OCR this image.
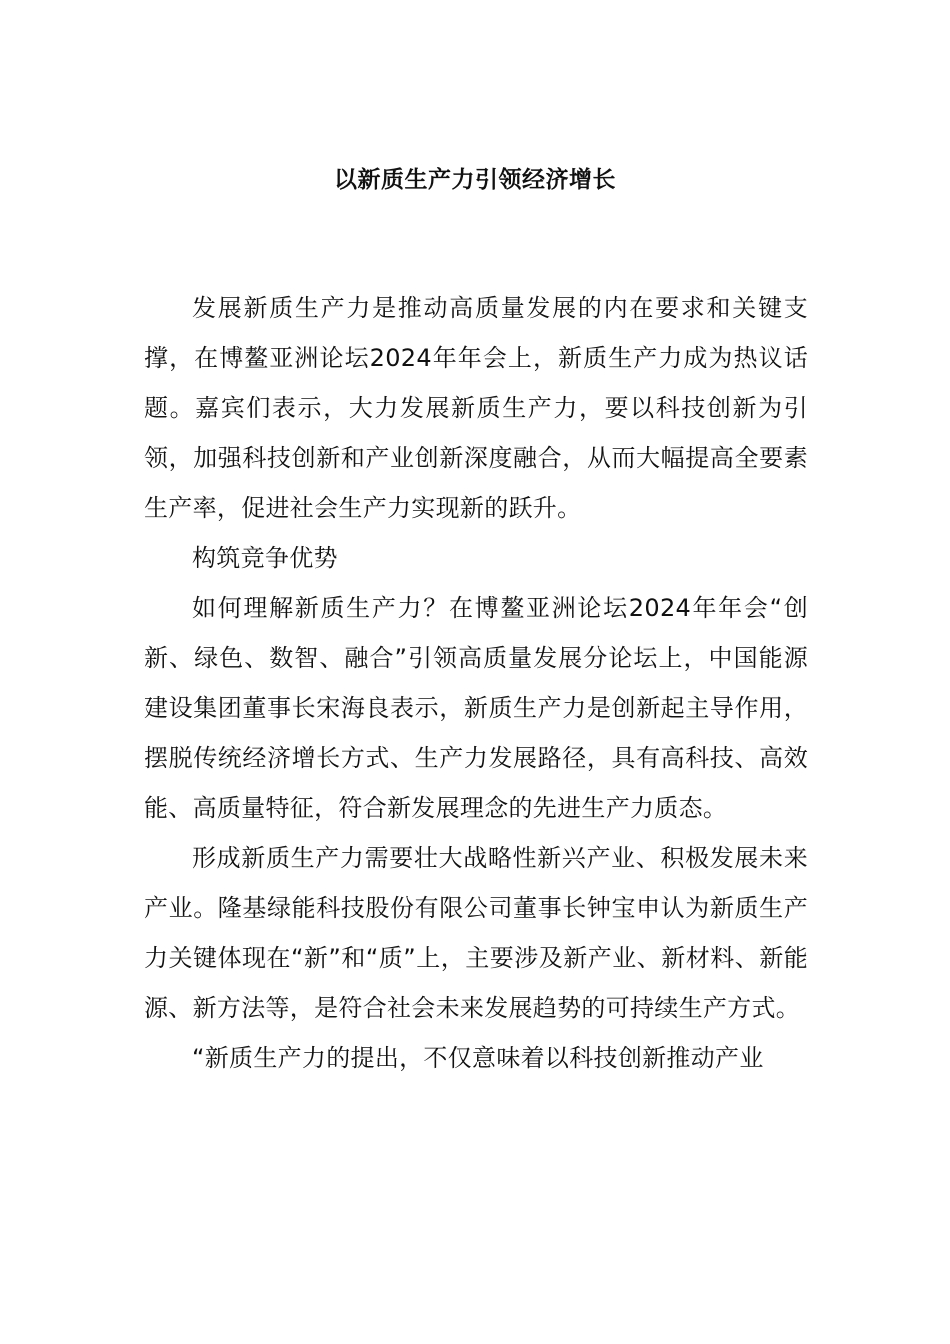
以新质生产力引领经济增长

发展新质生产力是推动高质量发展的内在要求和关键支撑，在博鳌亚洲论坛2024年年会上，新质生产力成为热议话题。嘉宾们表示，大力发展新质生产力，要以科技创新为引领，加强科技创新和产业创新深度融合，从而大幅提高全要素生产率，促进社会生产力实现新的跃升。

构筑竞争优势

如何理解新质生产力？在博鳌亚洲论坛2024年年会“创新、绿色、数智、融合”引领高质量发展分论坛上，中国能源建设集团董事长宋海良表示，新质生产力是创新起主导作用，摆脱传统经济增长方式、生产力发展路径，具有高科技、高效能、高质量特征，符合新发展理念的先进生产力质态。

形成新质生产力需要壮大战略性新兴产业、积极发展未来产业。隆基绿能科技股份有限公司董事长钟宝申认为新质生产力关键体现在“新”和“质”上，主要涉及新产业、新材料、新能源、新方法等，是符合社会未来发展趋势的可持续生产方式。

“新质生产力的提出，不仅意味着以科技创新推动产业
